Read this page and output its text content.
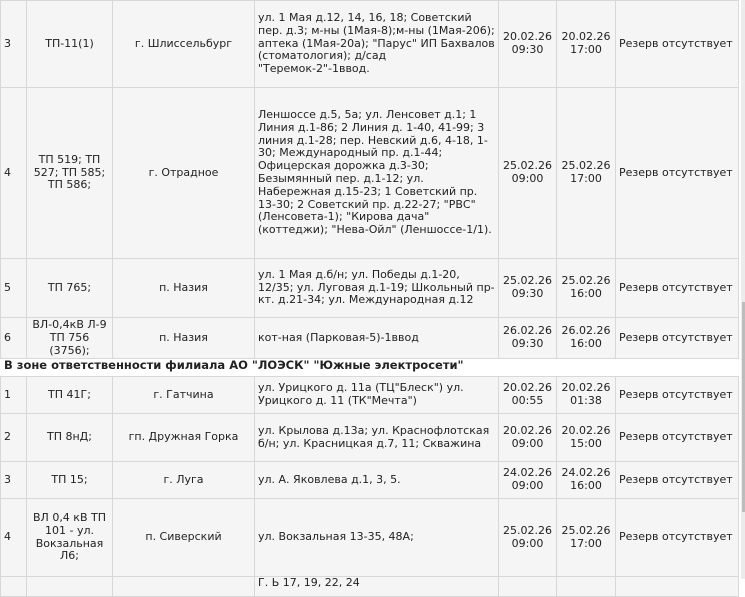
3	ТП-11(1)	г. Шлиссельбург	ул. 1 Мая д.12, 14, 16, 18; Советский пер. д.3; м-ны (1Мая-8);м-ны (1Мая-206); аптека (1Мая-20а); "Парус" ИП Бахвалов (стоматология); д/сад "Теремок-2"-1ввод.	20.02.26 09:30	20.02.26 17:00	Резерв отсутствует
4	ТП 519; ТП 527; ТП 585; ТП 586;	г. Отрадное	Леншоссе д.5, 5а; ул. Ленсовет д.1; 1 Линия д.1-86; 2 Линия д. 1-40, 41-99; 3 линия д.1-28; пер. Невский д.6, 4-18, 1-30; Международный пр. д.1-44; Офицерская дорожка д.3-30; Безымянный пер. д.1-12; ул. Набережная д.15-23; 1 Советский пр. 13-30; 2 Советский пр. д.22-27; "РВС" (Ленсовета-1); "Кирова дача" (коттеджи); "Нева-Ойл" (Леншоссе-1/1).	25.02.26 09:00	25.02.26 17:00	Резерв отсутствует
5	ТП 765;	п. Назия	ул. 1 Мая д.б/н; ул. Победы д.1-20, 12/35; ул. Луговая д.1-19; Школьный пр-кт. д.21-34; ул. Международная д.12	25.02.26 09:30	25.02.26 16:00	Резерв отсутствует
6	ВЛ-0,4кВ Л-9 ТП 756 (3756);	п. Назия	кот-ная (Парковая-5)-1ввод	26.02.26 09:30	26.02.26 16:00	Резерв отсутствует
В зоне ответственности филиала АО "ЛОЭСК" "Южные электросети"
1	ТП 41Г;	г. Гатчина	ул. Урицкого д. 11а (ТЦ"Блеск") ул. Урицкого д. 11 (ТК"Мечта")	20.02.26 00:55	20.02.26 01:38	Резерв отсутствует
2	ТП 8нД;	гп. Дружная Горка	ул. Крылова д.13а; ул. Краснофлотская б/н; ул. Красницкая д.7, 11; Скважина	20.02.26 09:00	20.02.26 15:00	Резерв отсутствует
3	ТП 15;	г. Луга	ул. А. Яковлева д.1, 3, 5.	24.02.26 09:00	24.02.26 16:00	Резерв отсутствует
4	ВЛ 0,4 кВ ТП 101 - ул. Вокзальная Л6;	п. Сиверский	ул. Вокзальная 13-35, 48А;	25.02.26 09:00	25.02.26 17:00	Резерв отсутствует
			Г. Ь 17, 19, 22, 24			
